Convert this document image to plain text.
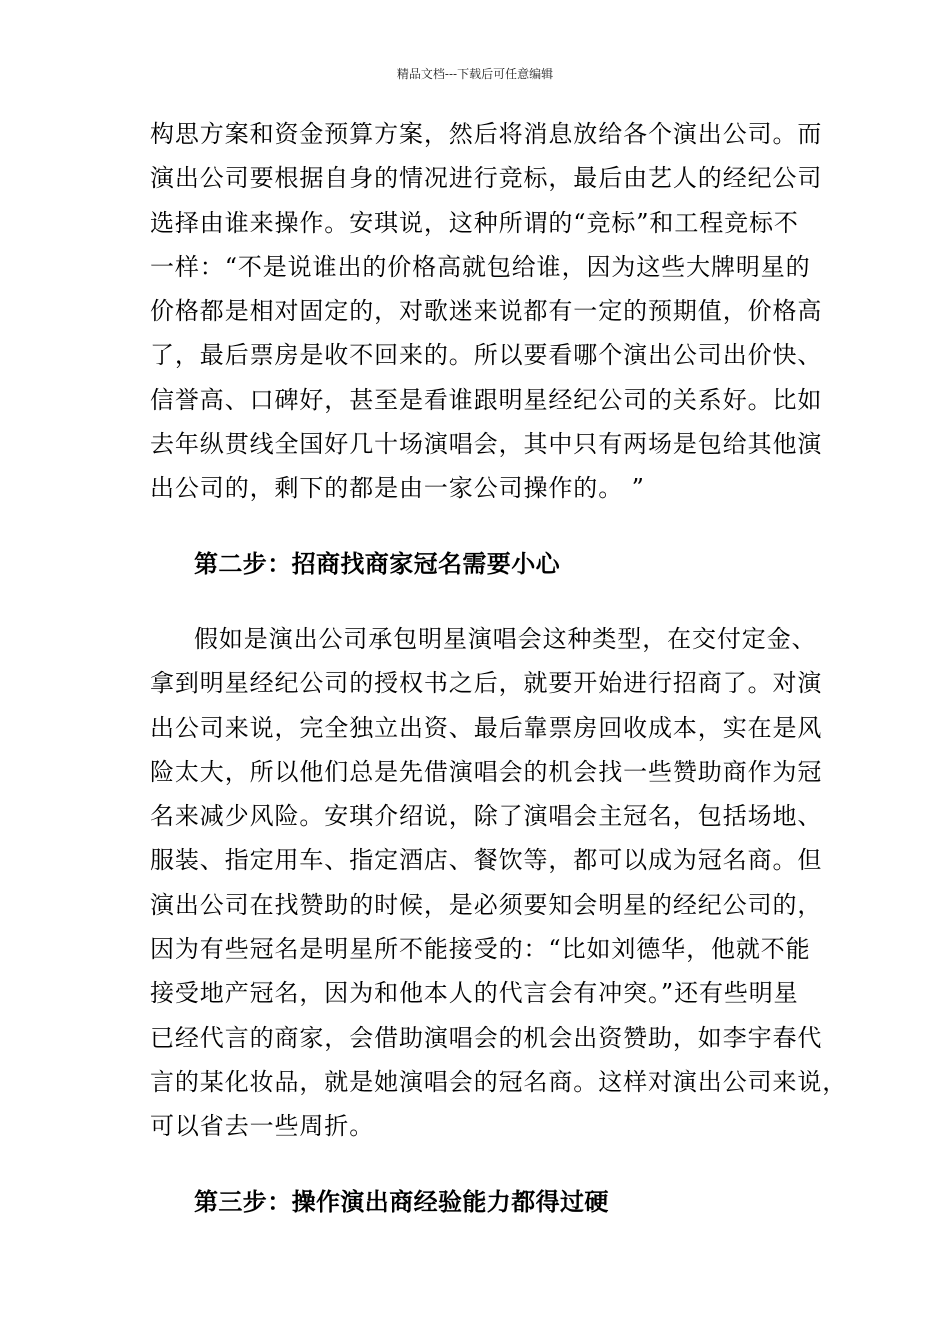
精品文档---下载后可任意编辑
构思方案和资金预算方案，然后将消息放给各个演出公司。而
演出公司要根据自身的情况进行竞标，最后由艺人的经纪公司
选择由谁来操作。安琪说，这种所谓的“竞标”和工程竞标不
一样：“不是说谁出的价格高就包给谁，因为这些大牌明星的
价格都是相对固定的，对歌迷来说都有一定的预期值，价格高
了，最后票房是收不回来的。所以要看哪个演出公司出价快、
信誉高、口碑好，甚至是看谁跟明星经纪公司的关系好。比如
去年纵贯线全国好几十场演唱会，其中只有两场是包给其他演
出公司的，剩下的都是由一家公司操作的。 ”
第二步：招商找商家冠名需要小心
假如是演出公司承包明星演唱会这种类型，在交付定金、
拿到明星经纪公司的授权书之后，就要开始进行招商了。对演
出公司来说，完全独立出资、最后靠票房回收成本，实在是风
险太大，所以他们总是先借演唱会的机会找一些赞助商作为冠
名来减少风险。安琪介绍说，除了演唱会主冠名，包括场地、
服装、指定用车、指定酒店、餐饮等，都可以成为冠名商。但
演出公司在找赞助的时候，是必须要知会明星的经纪公司的，
因为有些冠名是明星所不能接受的：“比如刘德华，他就不能
接受地产冠名，因为和他本人的代言会有冲突。”还有些明星
已经代言的商家，会借助演唱会的机会出资赞助，如李宇春代
言的某化妆品，就是她演唱会的冠名商。这样对演出公司来说，
可以省去一些周折。
第三步：操作演出商经验能力都得过硬
